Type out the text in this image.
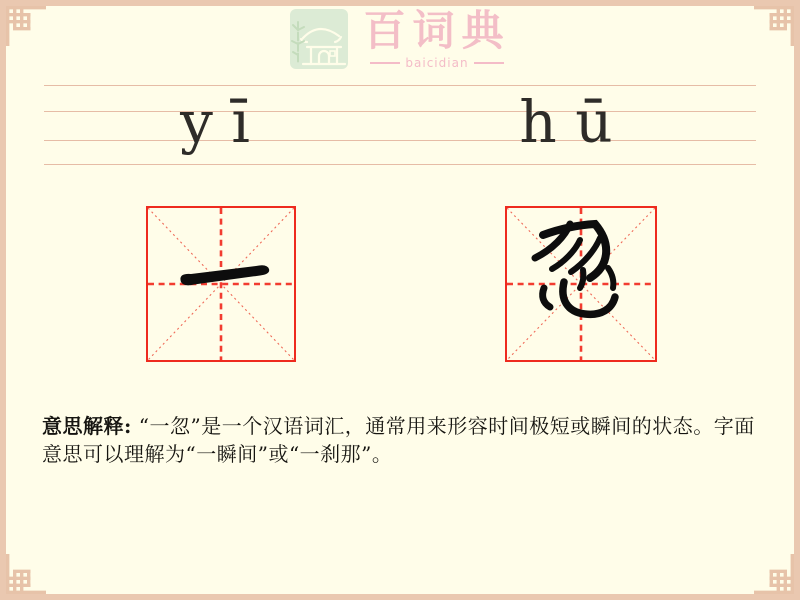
百词典
baicidian
y ī	h ū
意思解释: “一忽”是一个汉语词汇，通常用来形容时间极短或瞬间的状态。字面意思可以理解为“一瞬间”或“一刹那”。
